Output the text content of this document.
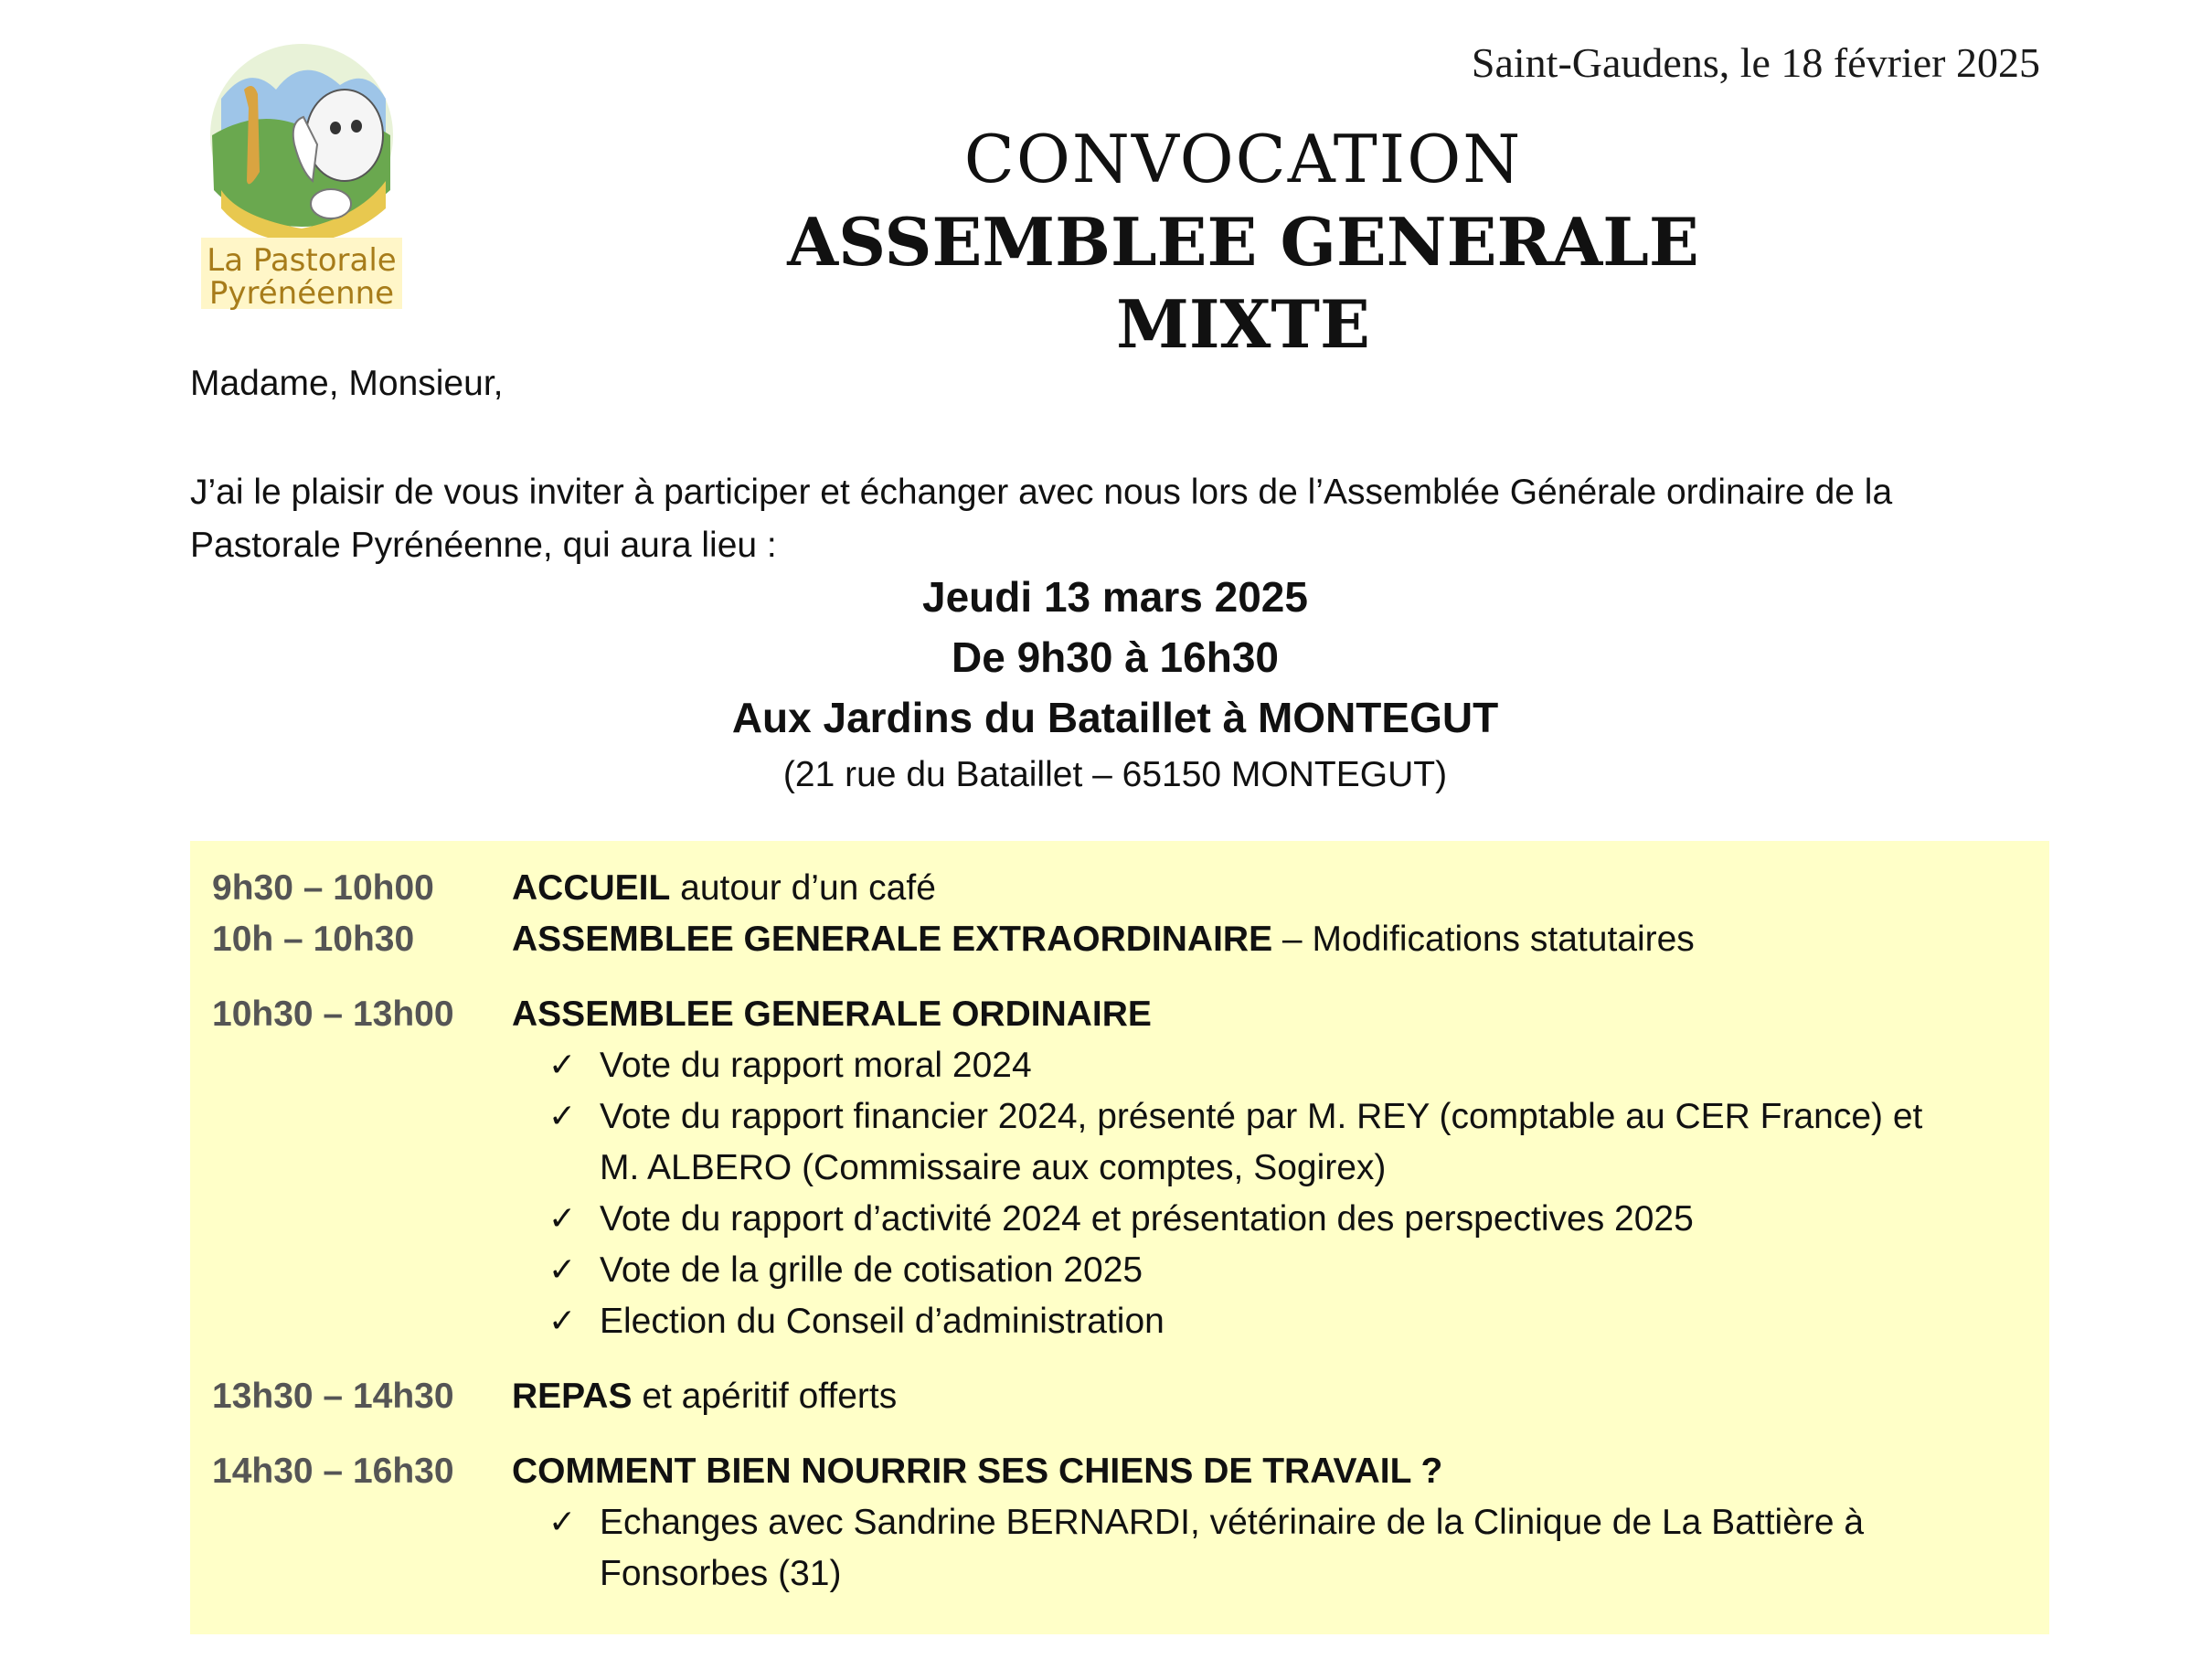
La Pastorale
Pyrénéenne
Saint-Gaudens, le 18 février 2025
CONVOCATION
ASSEMBLEE GENERALE
MIXTE
Madame, Monsieur,
J’ai le plaisir de vous inviter à participer et échanger avec nous lors de l’Assemblée Générale ordinaire de la
Pastorale Pyrénéenne, qui aura lieu :
Jeudi 13 mars 2025
De 9h30 à 16h30
Aux Jardins du Bataillet à MONTEGUT
(21 rue du Bataillet – 65150 MONTEGUT)
9h30 – 10h00 ACCUEIL autour d’un café
10h – 10h30	ASSEMBLEE GENERALE EXTRAORDINAIRE – Modifications statutaires
10h30 – 13h00 ASSEMBLEE GENERALE ORDINAIRE
✓ Vote du rapport moral 2024
✓ Vote du rapport financier 2024, présenté par M. REY (comptable au CER France) et
M. ALBERO (Commissaire aux comptes, Sogirex)
✓ Vote du rapport d’activité 2024 et présentation des perspectives 2025
✓ Vote de la grille de cotisation 2025
✓ Election du Conseil d’administration
13h30 – 14h30 REPAS et apéritif offerts
14h30 – 16h30 COMMENT BIEN NOURRIR SES CHIENS DE TRAVAIL ?
✓ Echanges avec Sandrine BERNARDI, vétérinaire de la Clinique de La Battière à
Fonsorbes (31)
